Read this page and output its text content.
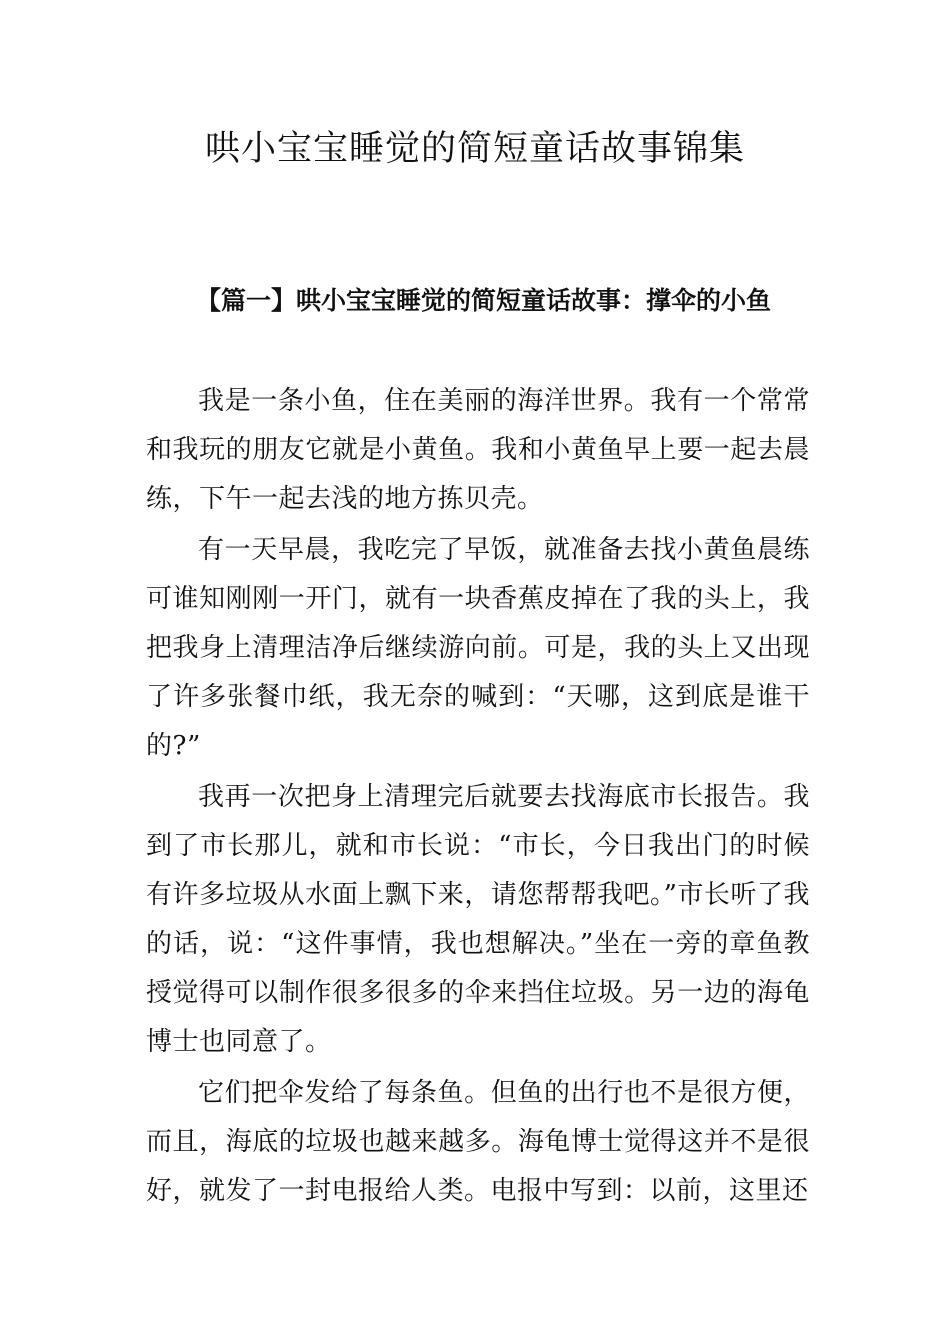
哄小宝宝睡觉的简短童话故事锦集
【篇一】哄小宝宝睡觉的简短童话故事：撑伞的小鱼

我是一条小鱼，住在美丽的海洋世界。我有一个常常和我玩的朋友它就是小黄鱼。我和小黄鱼早上要一起去晨练，下午一起去浅的地方拣贝壳。

有一天早晨，我吃完了早饭，就准备去找小黄鱼晨练可谁知刚刚一开门，就有一块香蕉皮掉在了我的头上，我把我身上清理洁净后继续游向前。可是，我的头上又出现了许多张餐巾纸，我无奈的喊到：“天哪，这到底是谁干的?”

我再一次把身上清理完后就要去找海底市长报告。我到了市长那儿，就和市长说：“市长，今日我出门的时候有许多垃圾从水面上飘下来，请您帮帮我吧。”市长听了我的话，说：“这件事情，我也想解决。”坐在一旁的章鱼教授觉得可以制作很多很多的伞来挡住垃圾。另一边的海龟博士也同意了。

它们把伞发给了每条鱼。但鱼的出行也不是很方便，而且，海底的垃圾也越来越多。海龟博士觉得这并不是很好，就发了一封电报给人类。电报中写到：以前，这里还
